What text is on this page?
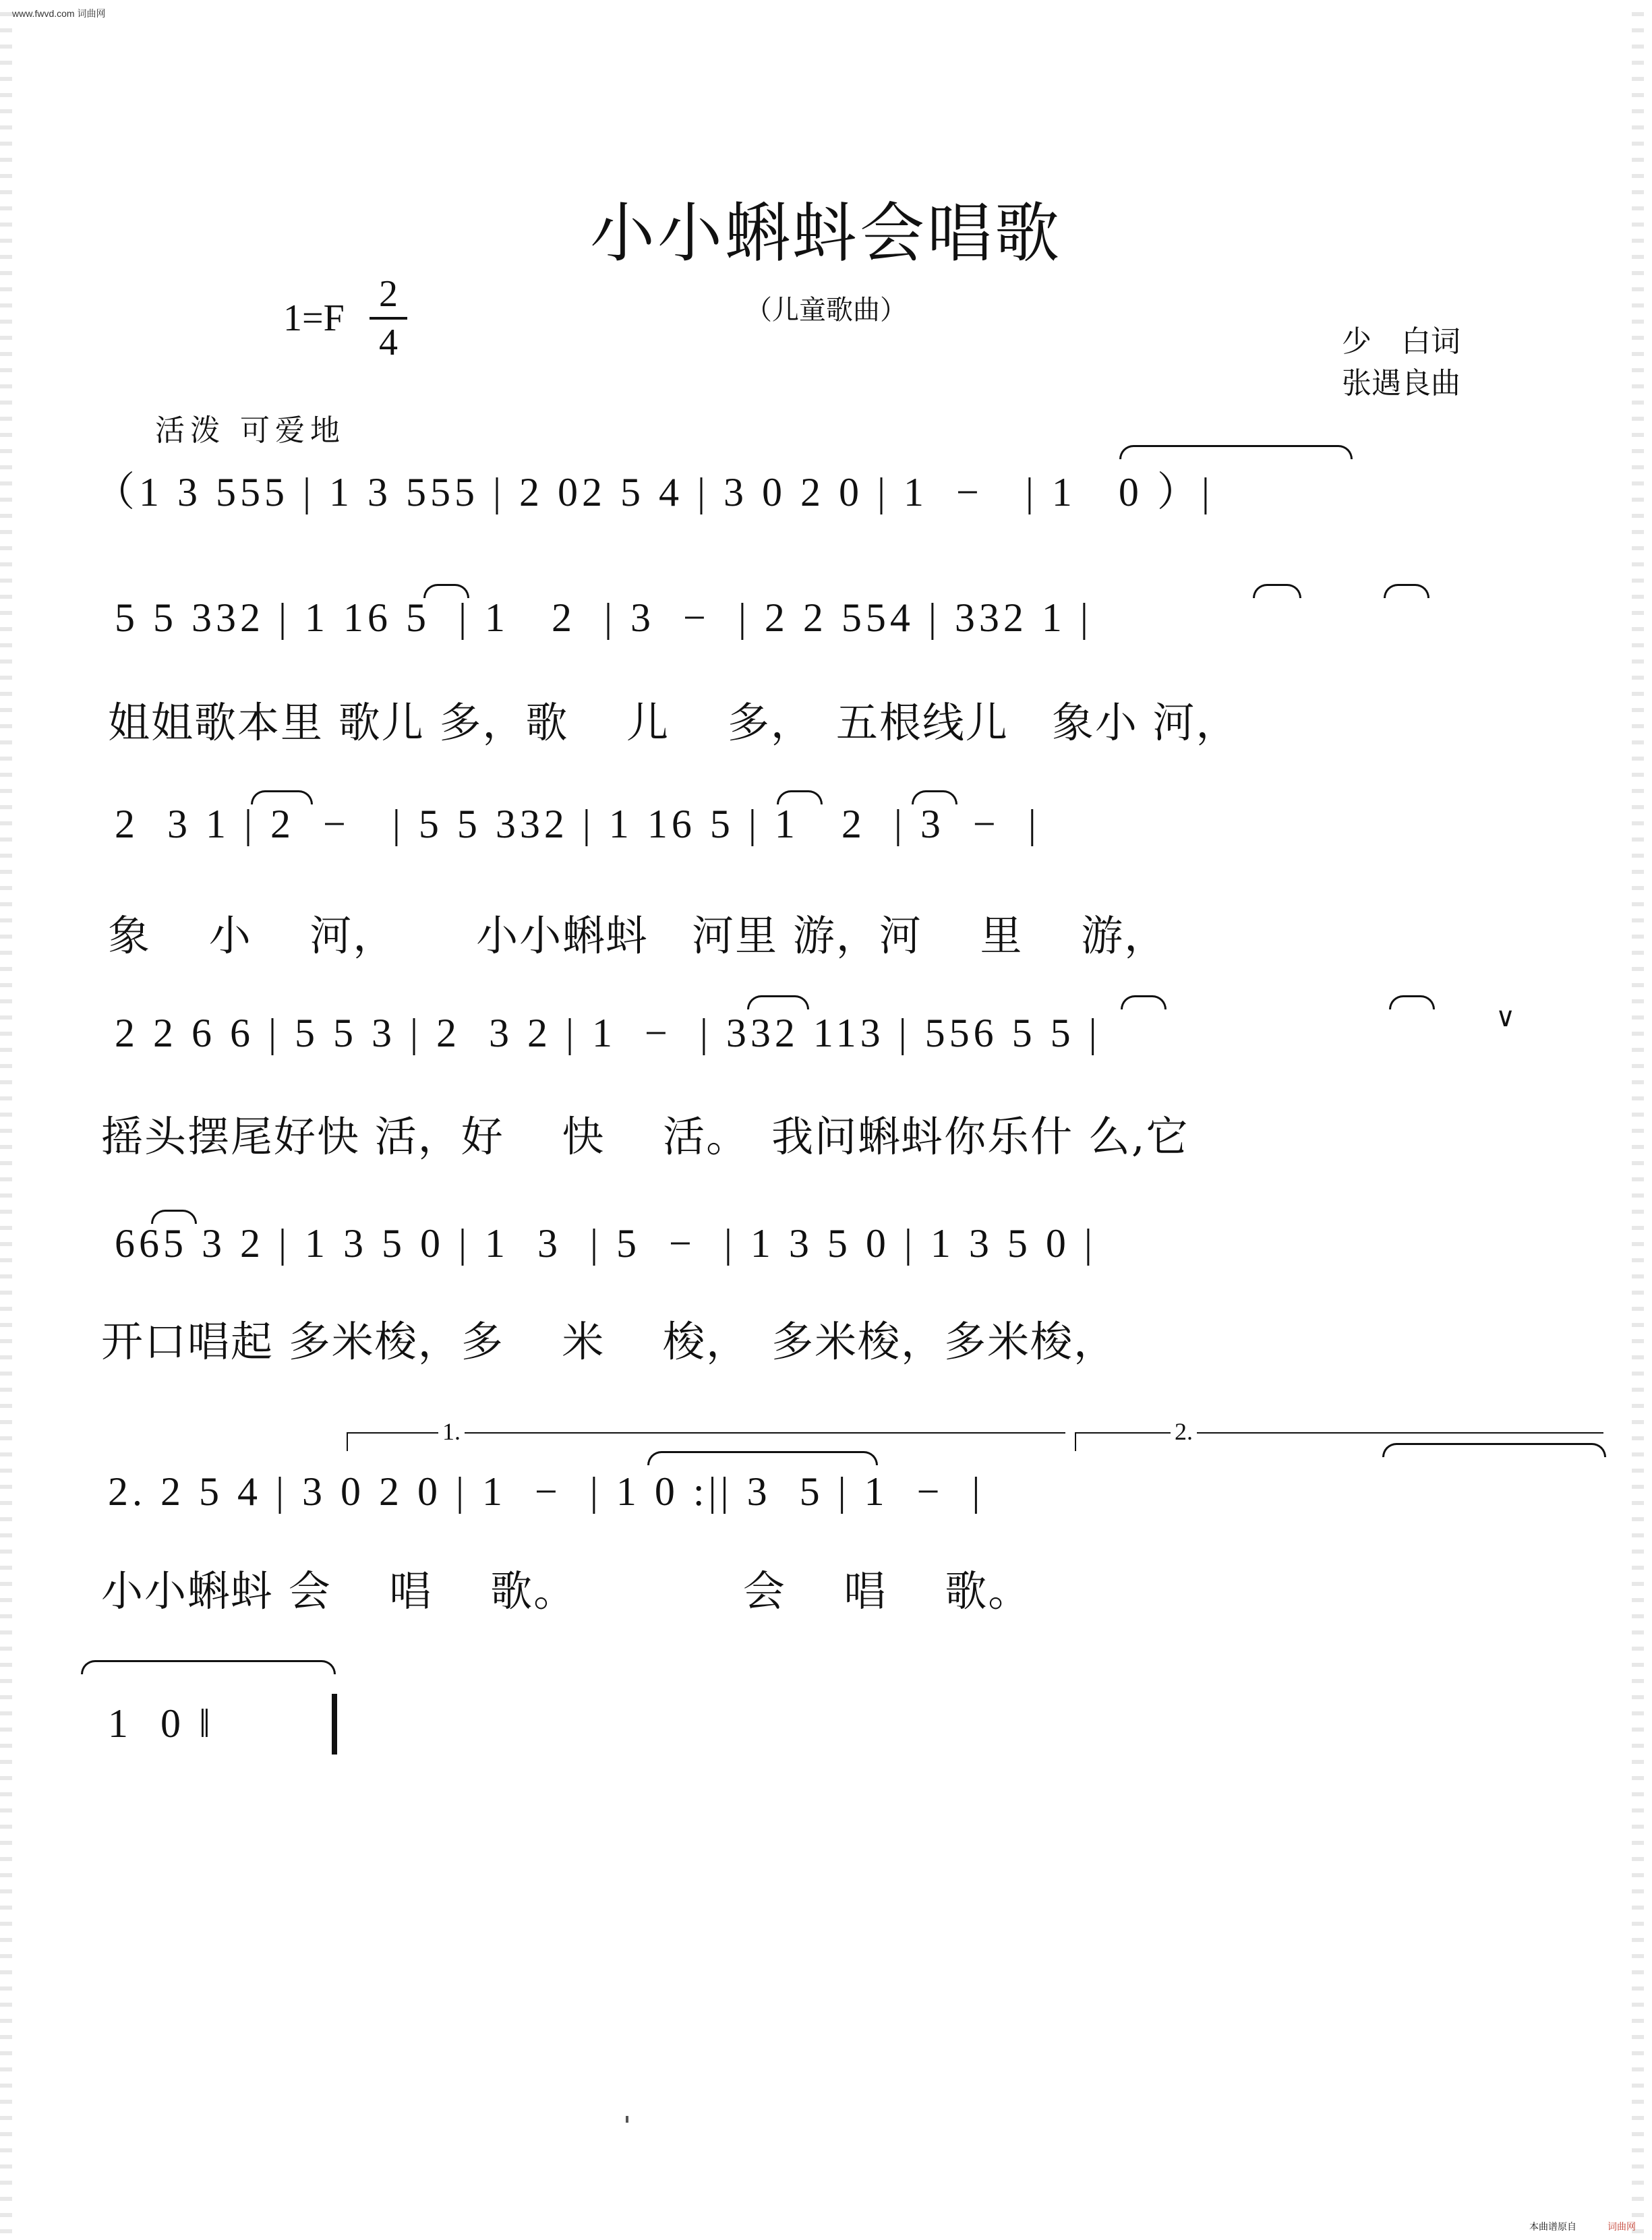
www.fwvd.com 词曲网
小小蝌蚪会唱歌
（儿童歌曲）
1=F
2
4	少　白词
张遇良曲
活泼 可爱地
（1 3 555 | 1 3 555 | 2 02 5 4 | 3 0 2 0 | 1  −   | 1   0 ）|
5 5 332 | 1 16 5  | 1   2  | 3  −  | 2 2 554 | 332 1 |
姐姐歌本里 歌儿 多，歌　 儿　 多，　五根线儿　象小 河，
2  3 1 | 2  −   | 5 5 332 | 1 16 5 | 1   2  | 3  −  |
象　 小　 河，　　 小小蝌蚪　河里 游，河　 里　 游，
2 2 6 6 | 5 5 3 | 2  3 2 | 1  −  | 332 113 | 556 5 5 |
摇头摆尾好快 活，好　 快　 活。　我问蝌蚪你乐什 么,它
∨
665 3 2 | 1 3 5 0 | 1  3  | 5  −  | 1 3 5 0 | 1 3 5 0 |
开口唱起 多米梭，多　 米　 梭，　多米梭，多米梭，
1.	2.
2. 2 5 4 | 3 0 2 0 | 1  −  | 1 0 :|| 3  5 | 1  −  |
小小蝌蚪 会　 唱　 歌。　　　　 会　 唱　 歌。
1  0 ‖
本曲谱原自	词曲网
